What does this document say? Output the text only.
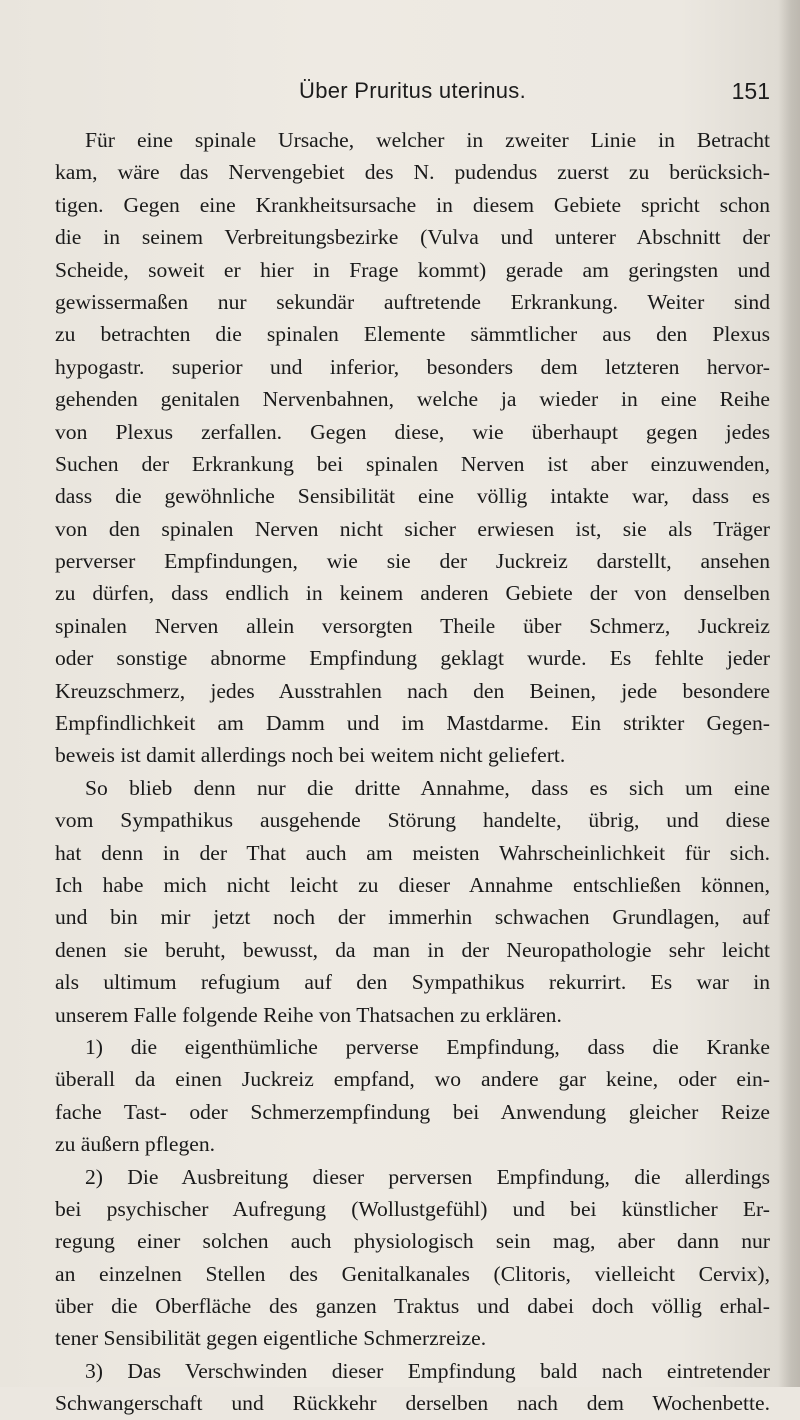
Über Pruritus uterinus.	151
Für eine spinale Ursache, welcher in zweiter Linie in Betracht
kam, wäre das Nervengebiet des N. pudendus zuerst zu berücksich-
tigen. Gegen eine Krankheitsursache in diesem Gebiete spricht schon
die in seinem Verbreitungsbezirke (Vulva und unterer Abschnitt der
Scheide, soweit er hier in Frage kommt) gerade am geringsten und
gewissermaßen nur sekundär auftretende Erkrankung. Weiter sind
zu betrachten die spinalen Elemente sämmtlicher aus den Plexus
hypogastr. superior und inferior, besonders dem letzteren hervor-
gehenden genitalen Nervenbahnen, welche ja wieder in eine Reihe
von Plexus zerfallen. Gegen diese, wie überhaupt gegen jedes
Suchen der Erkrankung bei spinalen Nerven ist aber einzuwenden,
dass die gewöhnliche Sensibilität eine völlig intakte war, dass es
von den spinalen Nerven nicht sicher erwiesen ist, sie als Träger
perverser Empfindungen, wie sie der Juckreiz darstellt, ansehen
zu dürfen, dass endlich in keinem anderen Gebiete der von denselben
spinalen Nerven allein versorgten Theile über Schmerz, Juckreiz
oder sonstige abnorme Empfindung geklagt wurde. Es fehlte jeder
Kreuzschmerz, jedes Ausstrahlen nach den Beinen, jede besondere
Empfindlichkeit am Damm und im Mastdarme. Ein strikter Gegen-
beweis ist damit allerdings noch bei weitem nicht geliefert.
So blieb denn nur die dritte Annahme, dass es sich um eine
vom Sympathikus ausgehende Störung handelte, übrig, und diese
hat denn in der That auch am meisten Wahrscheinlichkeit für sich.
Ich habe mich nicht leicht zu dieser Annahme entschließen können,
und bin mir jetzt noch der immerhin schwachen Grundlagen, auf
denen sie beruht, bewusst, da man in der Neuropathologie sehr leicht
als ultimum refugium auf den Sympathikus rekurrirt. Es war in
unserem Falle folgende Reihe von Thatsachen zu erklären.
1) die eigenthümliche perverse Empfindung, dass die Kranke
überall da einen Juckreiz empfand, wo andere gar keine, oder ein-
fache Tast- oder Schmerzempfindung bei Anwendung gleicher Reize
zu äußern pflegen.
2) Die Ausbreitung dieser perversen Empfindung, die allerdings
bei psychischer Aufregung (Wollustgefühl) und bei künstlicher Er-
regung einer solchen auch physiologisch sein mag, aber dann nur
an einzelnen Stellen des Genitalkanales (Clitoris, vielleicht Cervix),
über die Oberfläche des ganzen Traktus und dabei doch völlig erhal-
tener Sensibilität gegen eigentliche Schmerzreize.
3) Das Verschwinden dieser Empfindung bald nach eintretender
Schwangerschaft und Rückkehr derselben nach dem Wochenbette.
